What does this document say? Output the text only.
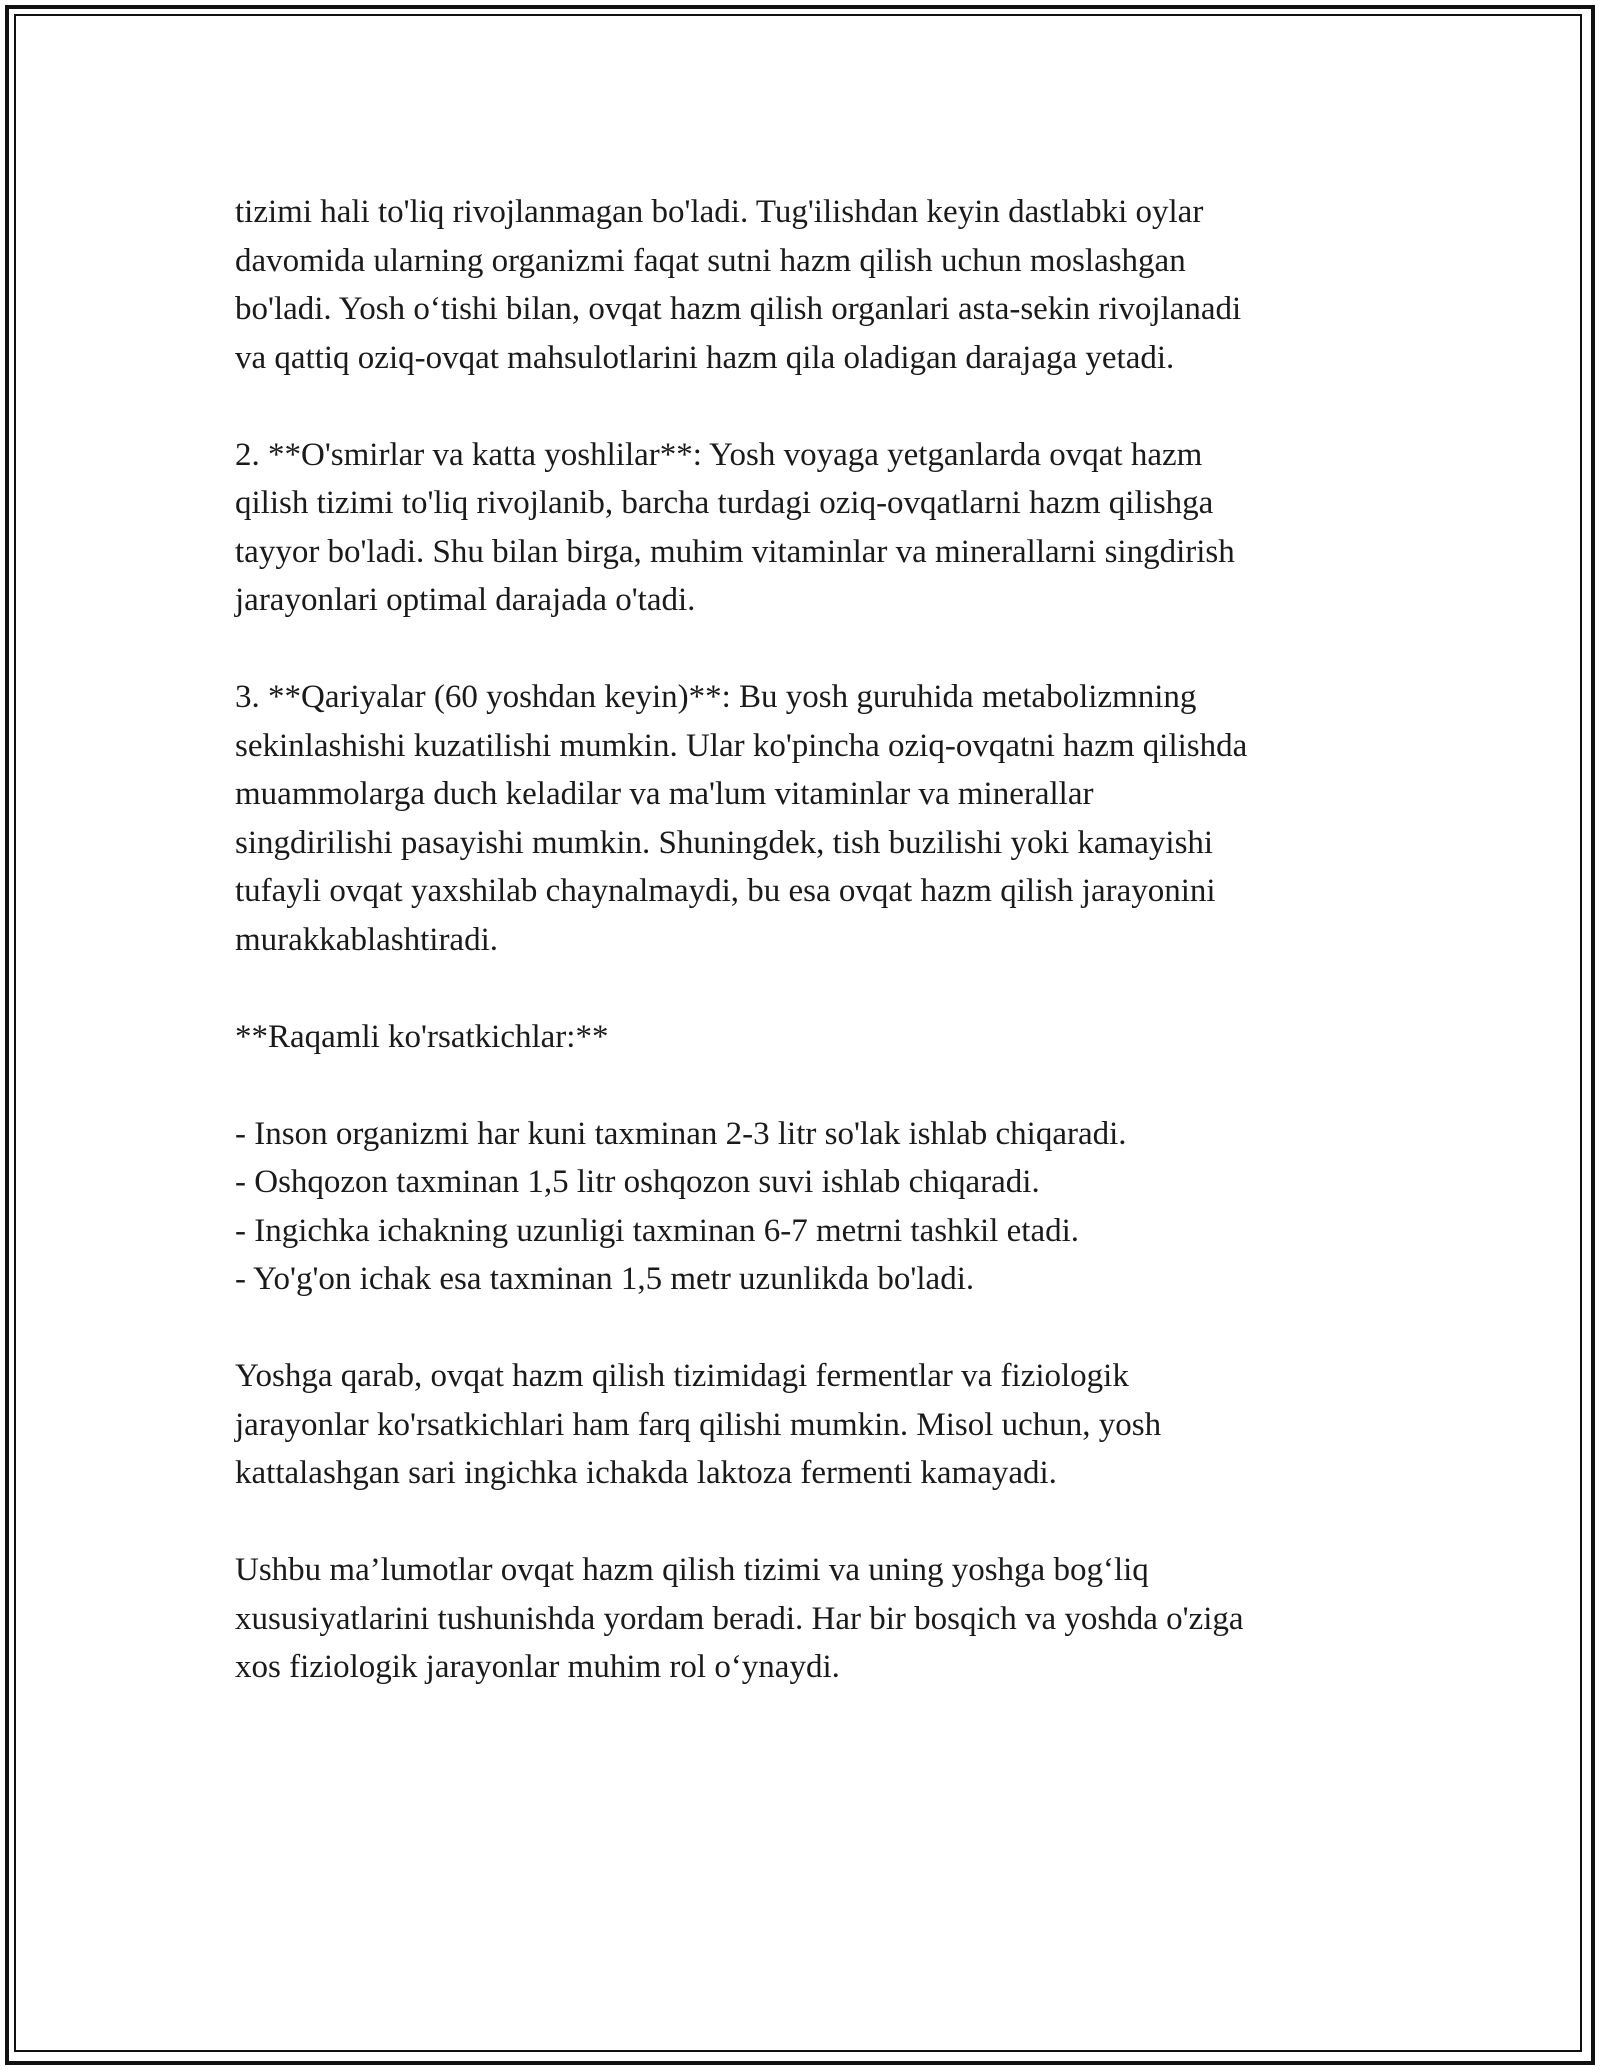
tizimi hali to'liq rivojlanmagan bo'ladi. Tug'ilishdan keyin dastlabki oylar
davomida ularning organizmi faqat sutni hazm qilish uchun moslashgan
bo'ladi. Yosh o‘tishi bilan, ovqat hazm qilish organlari asta-sekin rivojlanadi
va qattiq oziq-ovqat mahsulotlarini hazm qila oladigan darajaga yetadi.

2. **O'smirlar va katta yoshlilar**: Yosh voyaga yetganlarda ovqat hazm
qilish tizimi to'liq rivojlanib, barcha turdagi oziq-ovqatlarni hazm qilishga
tayyor bo'ladi. Shu bilan birga, muhim vitaminlar va minerallarni singdirish
jarayonlari optimal darajada o'tadi.

3. **Qariyalar (60 yoshdan keyin)**: Bu yosh guruhida metabolizmning
sekinlashishi kuzatilishi mumkin. Ular ko'pincha oziq-ovqatni hazm qilishda
muammolarga duch keladilar va ma'lum vitaminlar va minerallar
singdirilishi pasayishi mumkin. Shuningdek, tish buzilishi yoki kamayishi
tufayli ovqat yaxshilab chaynalmaydi, bu esa ovqat hazm qilish jarayonini
murakkablashtiradi.

**Raqamli ko'rsatkichlar:**

- Inson organizmi har kuni taxminan 2-3 litr so'lak ishlab chiqaradi.
- Oshqozon taxminan 1,5 litr oshqozon suvi ishlab chiqaradi.
- Ingichka ichakning uzunligi taxminan 6-7 metrni tashkil etadi.
- Yo'g'on ichak esa taxminan 1,5 metr uzunlikda bo'ladi.

Yoshga qarab, ovqat hazm qilish tizimidagi fermentlar va fiziologik
jarayonlar ko'rsatkichlari ham farq qilishi mumkin. Misol uchun, yosh
kattalashgan sari ingichka ichakda laktoza fermenti kamayadi.

Ushbu ma’lumotlar ovqat hazm qilish tizimi va uning yoshga bog‘liq
xususiyatlarini tushunishda yordam beradi. Har bir bosqich va yoshda o'ziga
xos fiziologik jarayonlar muhim rol o‘ynaydi.
